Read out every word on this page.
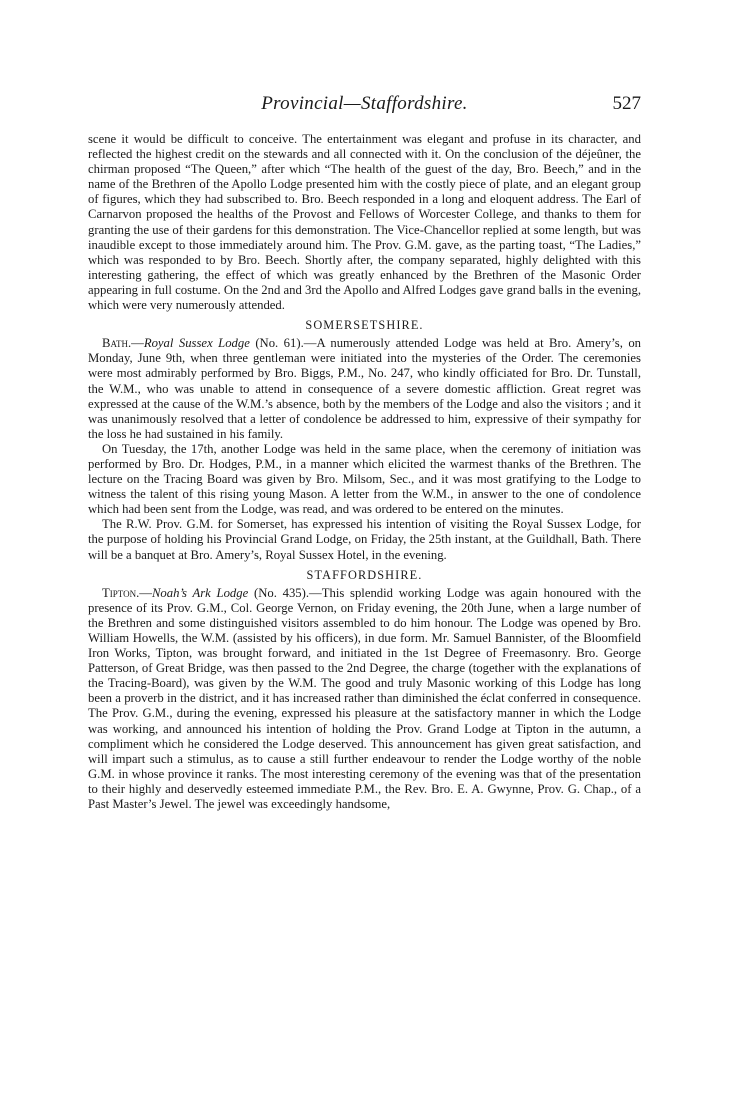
Provincial—Staffordshire.	527

scene it would be difficult to conceive. The entertainment was elegant and profuse in its character, and reflected the highest credit on the stewards and all connected with it. On the conclusion of the déjeûner, the chirman proposed “The Queen,” after which “The health of the guest of the day, Bro. Beech,” and in the name of the Brethren of the Apollo Lodge presented him with the costly piece of plate, and an elegant group of figures, which they had subscribed to. Bro. Beech responded in a long and eloquent address. The Earl of Carnarvon proposed the healths of the Provost and Fellows of Worcester College, and thanks to them for granting the use of their gardens for this demonstration. The Vice-Chancellor replied at some length, but was inaudible except to those immediately around him. The Prov. G.M. gave, as the parting toast, “The Ladies,” which was responded to by Bro. Beech. Shortly after, the company separated, highly delighted with this interesting gathering, the effect of which was greatly enhanced by the Brethren of the Masonic Order appearing in full costume. On the 2nd and 3rd the Apollo and Alfred Lodges gave grand balls in the evening, which were very numerously attended.

SOMERSETSHIRE.

Bath.—Royal Sussex Lodge (No. 61).—A numerously attended Lodge was held at Bro. Amery’s, on Monday, June 9th, when three gentleman were initiated into the mysteries of the Order. The ceremonies were most admirably performed by Bro. Biggs, P.M., No. 247, who kindly officiated for Bro. Dr. Tunstall, the W.M., who was unable to attend in consequence of a severe domestic affliction. Great regret was expressed at the cause of the W.M.’s absence, both by the members of the Lodge and also the visitors ; and it was unanimously resolved that a letter of condolence be addressed to him, expressive of their sympathy for the loss he had sustained in his family.

On Tuesday, the 17th, another Lodge was held in the same place, when the ceremony of initiation was performed by Bro. Dr. Hodges, P.M., in a manner which elicited the warmest thanks of the Brethren. The lecture on the Tracing Board was given by Bro. Milsom, Sec., and it was most gratifying to the Lodge to witness the talent of this rising young Mason. A letter from the W.M., in answer to the one of condolence which had been sent from the Lodge, was read, and was ordered to be entered on the minutes.

The R.W. Prov. G.M. for Somerset, has expressed his intention of visiting the Royal Sussex Lodge, for the purpose of holding his Provincial Grand Lodge, on Friday, the 25th instant, at the Guildhall, Bath. There will be a banquet at Bro. Amery’s, Royal Sussex Hotel, in the evening.

STAFFORDSHIRE.

Tipton.—Noah’s Ark Lodge (No. 435).—This splendid working Lodge was again honoured with the presence of its Prov. G.M., Col. George Vernon, on Friday evening, the 20th June, when a large number of the Brethren and some distinguished visitors assembled to do him honour. The Lodge was opened by Bro. William Howells, the W.M. (assisted by his officers), in due form. Mr. Samuel Bannister, of the Bloomfield Iron Works, Tipton, was brought forward, and initiated in the 1st Degree of Freemasonry. Bro. George Patterson, of Great Bridge, was then passed to the 2nd Degree, the charge (together with the explanations of the Tracing-Board), was given by the W.M. The good and truly Masonic working of this Lodge has long been a proverb in the district, and it has increased rather than diminished the éclat conferred in consequence. The Prov. G.M., during the evening, expressed his pleasure at the satisfactory manner in which the Lodge was working, and announced his intention of holding the Prov. Grand Lodge at Tipton in the autumn, a compliment which he considered the Lodge deserved. This announcement has given great satisfaction, and will impart such a stimulus, as to cause a still further endeavour to render the Lodge worthy of the noble G.M. in whose province it ranks. The most interesting ceremony of the evening was that of the presentation to their highly and deservedly esteemed immediate P.M., the Rev. Bro. E. A. Gwynne, Prov. G. Chap., of a Past Master’s Jewel. The jewel was exceedingly handsome,
